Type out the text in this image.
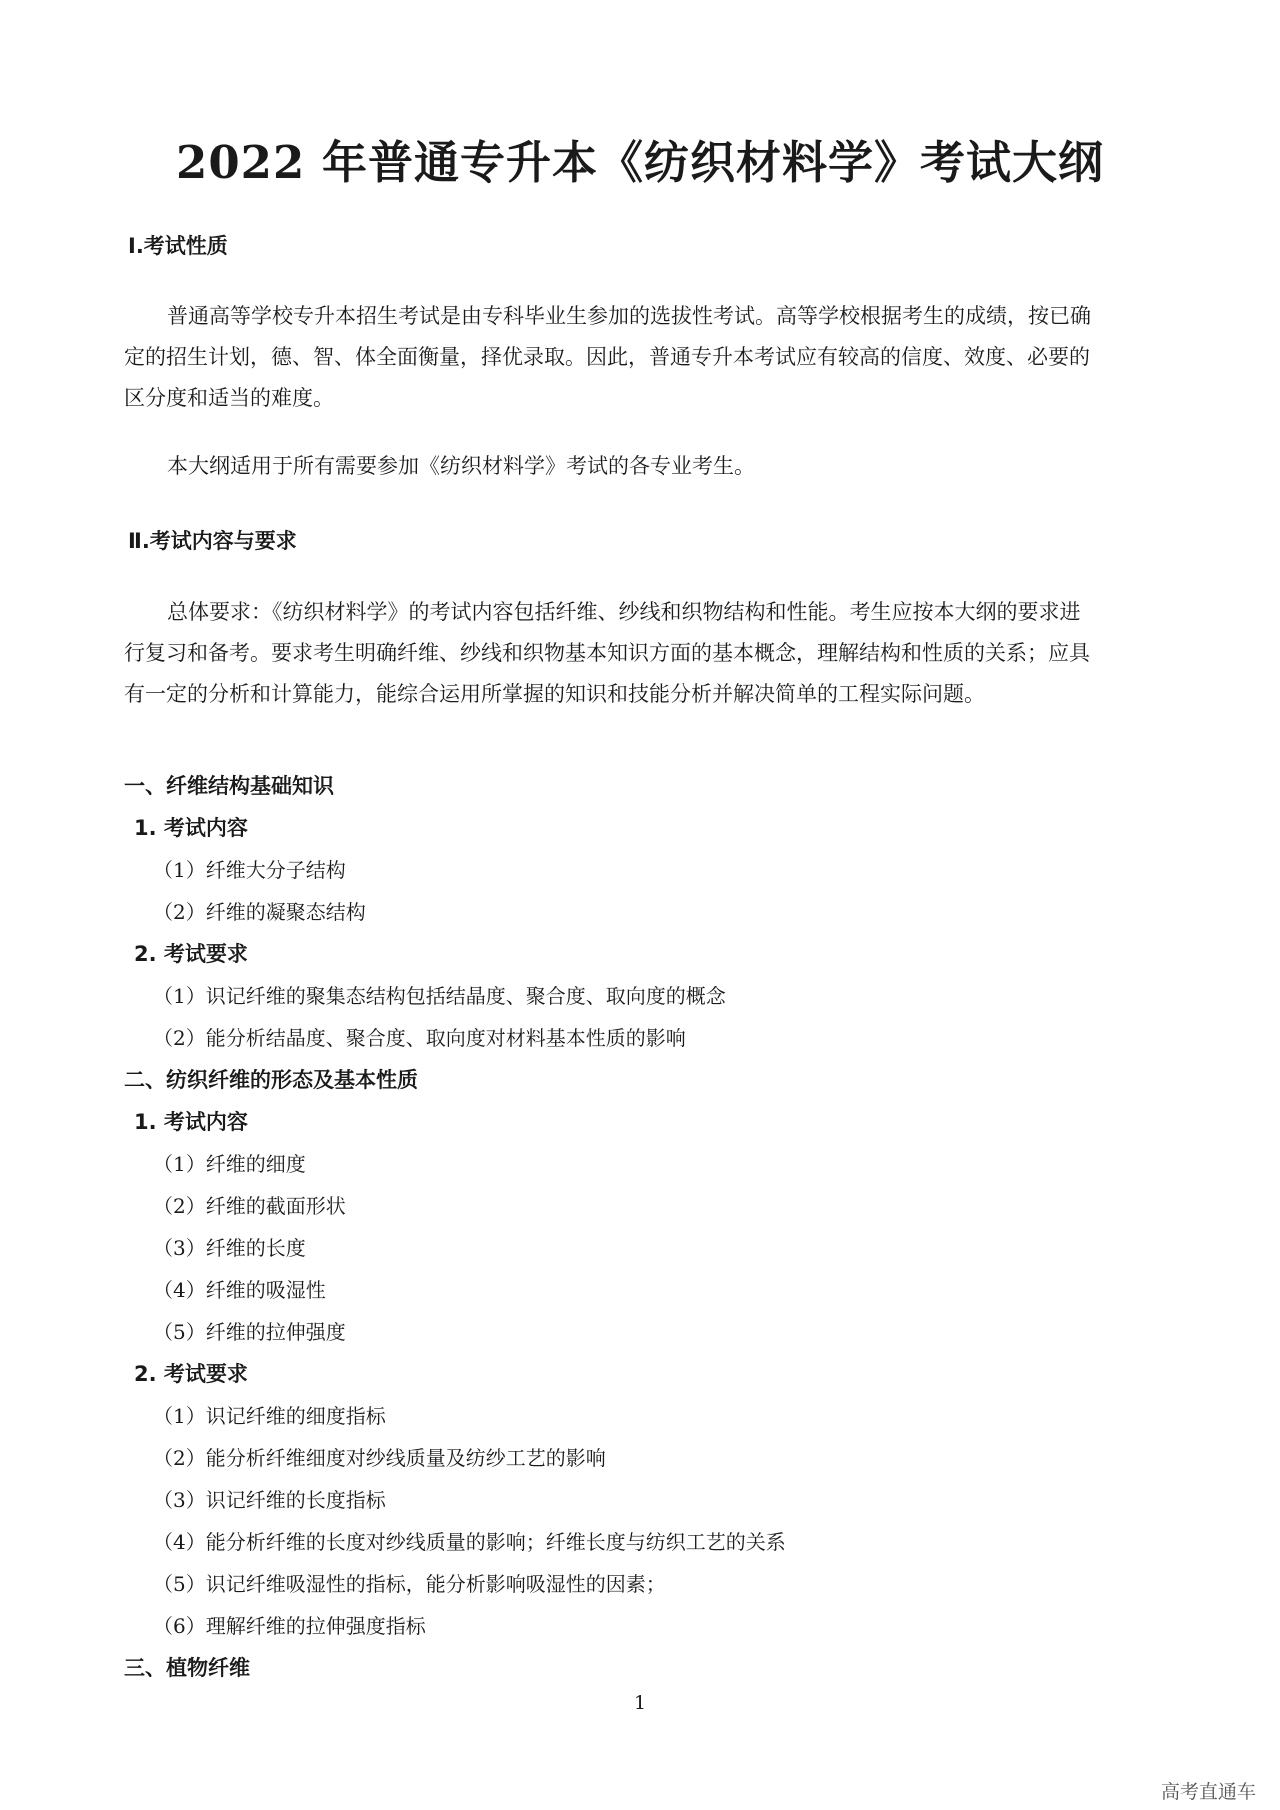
2022 年普通专升本《纺织材料学》考试大纲
Ⅰ.考试性质
普通高等学校专升本招生考试是由专科毕业生参加的选拔性考试。高等学校根据考生的成绩，按已确
定的招生计划，德、智、体全面衡量，择优录取。因此，普通专升本考试应有较高的信度、效度、必要的
区分度和适当的难度。
本大纲适用于所有需要参加《纺织材料学》考试的各专业考生。
Ⅱ.考试内容与要求
总体要求：《纺织材料学》的考试内容包括纤维、纱线和织物结构和性能。考生应按本大纲的要求进
行复习和备考。要求考生明确纤维、纱线和织物基本知识方面的基本概念，理解结构和性质的关系；应具
有一定的分析和计算能力，能综合运用所掌握的知识和技能分析并解决简单的工程实际问题。
一、纤维结构基础知识
1. 考试内容
（1）纤维大分子结构
（2）纤维的凝聚态结构
2. 考试要求
（1）识记纤维的聚集态结构包括结晶度、聚合度、取向度的概念
（2）能分析结晶度、聚合度、取向度对材料基本性质的影响
二、纺织纤维的形态及基本性质
1. 考试内容
（1）纤维的细度
（2）纤维的截面形状
（3）纤维的长度
（4）纤维的吸湿性
（5）纤维的拉伸强度
2. 考试要求
（1）识记纤维的细度指标
（2）能分析纤维细度对纱线质量及纺纱工艺的影响
（3）识记纤维的长度指标
（4）能分析纤维的长度对纱线质量的影响；纤维长度与纺织工艺的关系
（5）识记纤维吸湿性的指标，能分析影响吸湿性的因素；
（6）理解纤维的拉伸强度指标
三、植物纤维
1
高考直通车
